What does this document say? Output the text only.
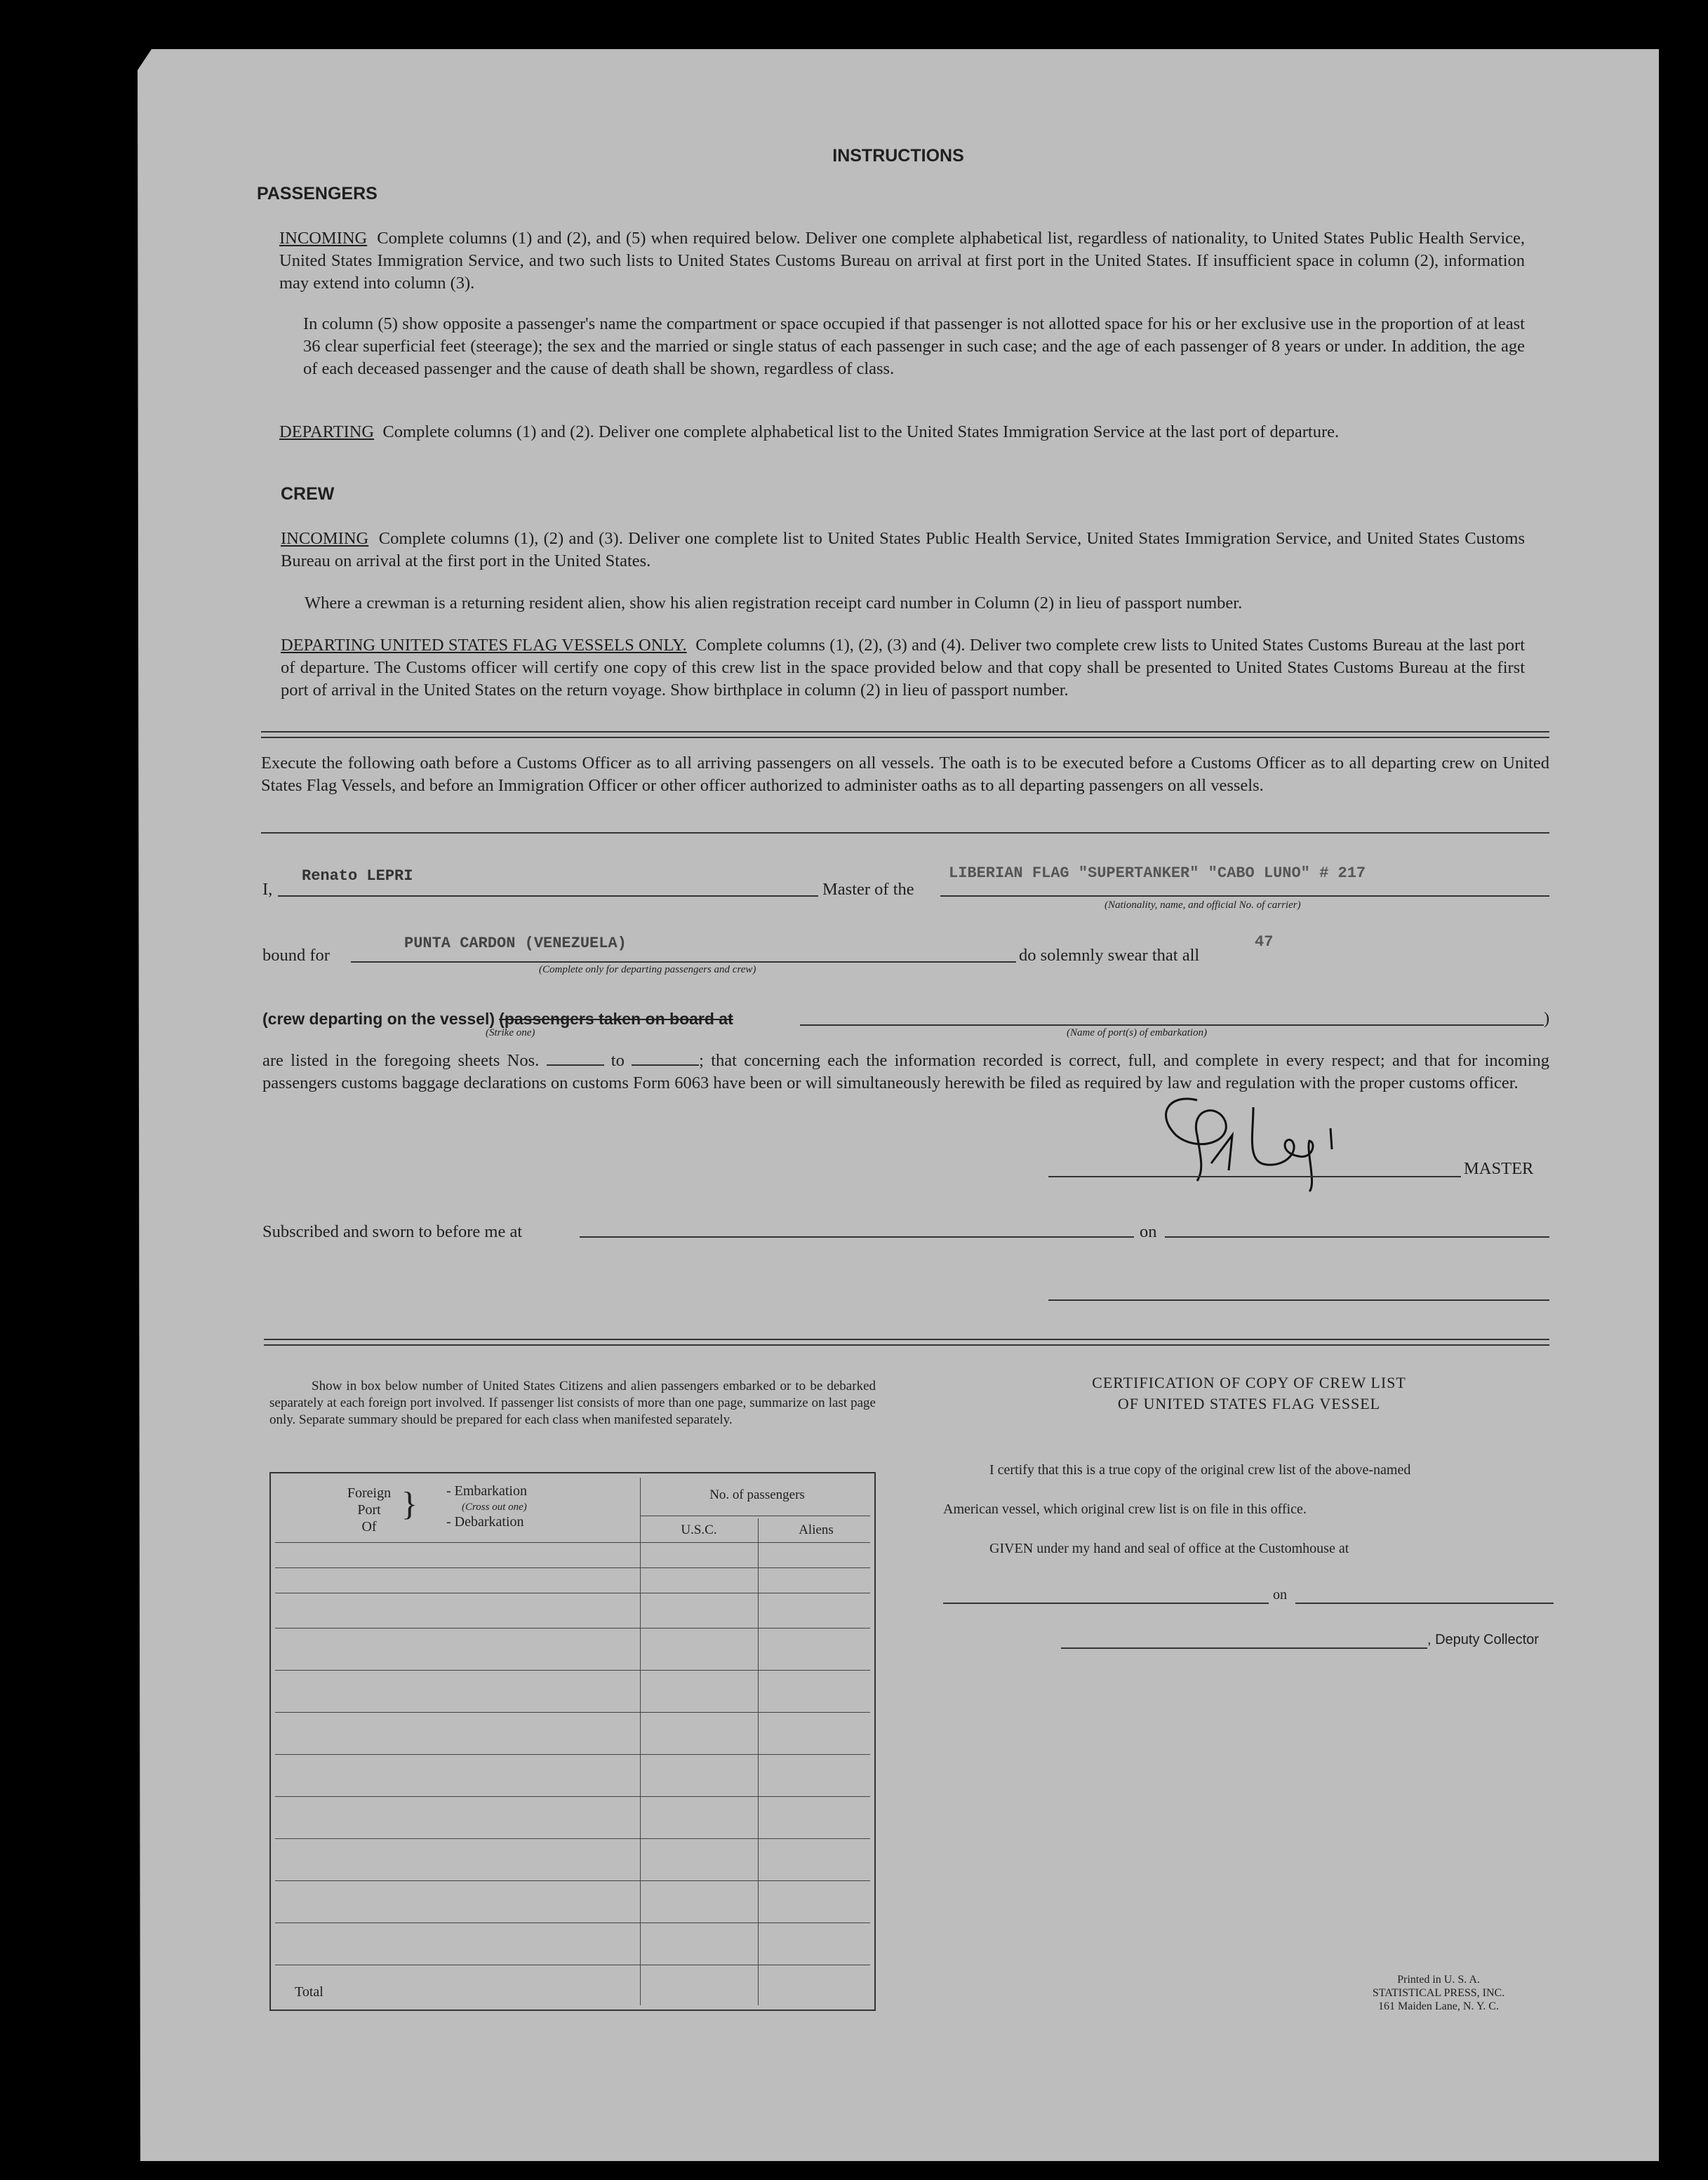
INSTRUCTIONS
PASSENGERS
INCOMING Complete columns (1) and (2), and (5) when required below. Deliver one complete alphabetical list, regardless of nationality, to United States Public Health Service, United States Immigration Service, and two such lists to United States Customs Bureau on arrival at first port in the United States. If insufficient space in column (2), information may extend into column (3).
In column (5) show opposite a passenger's name the compartment or space occupied if that passenger is not allotted space for his or her exclusive use in the proportion of at least 36 clear superficial feet (steerage); the sex and the married or single status of each passenger in such case; and the age of each passenger of 8 years or under. In addition, the age of each deceased passenger and the cause of death shall be shown, regardless of class.
DEPARTING Complete columns (1) and (2). Deliver one complete alphabetical list to the United States Immigration Service at the last port of departure.
CREW
INCOMING Complete columns (1), (2) and (3). Deliver one complete list to United States Public Health Service, United States Immigration Service, and United States Customs Bureau on arrival at the first port in the United States.
Where a crewman is a returning resident alien, show his alien registration receipt card number in Column (2) in lieu of passport number.
DEPARTING UNITED STATES FLAG VESSELS ONLY. Complete columns (1), (2), (3) and (4). Deliver two complete crew lists to United States Customs Bureau at the last port of departure. The Customs officer will certify one copy of this crew list in the space provided below and that copy shall be presented to United States Customs Bureau at the first port of arrival in the United States on the return voyage. Show birthplace in column (2) in lieu of passport number.
Execute the following oath before a Customs Officer as to all arriving passengers on all vessels. The oath is to be executed before a Customs Officer as to all departing crew on United States Flag Vessels, and before an Immigration Officer or other officer authorized to administer oaths as to all departing passengers on all vessels.
I,
Renato LEPRI
Master of the
LIBERIAN FLAG "SUPERTANKER" "CABO LUNO" # 217
(Nationality, name, and official No. of carrier)
bound for
PUNTA CARDON (VENEZUELA)
(Complete only for departing passengers and crew)
do solemnly swear that all
47
(crew departing on the vessel) (passengers taken on board at	)
(Strike one)	(Name of port(s) of embarkation)
are listed in the foregoing sheets Nos.	to	; that concerning each the information recorded is correct, full, and complete in every respect; and that for incoming passengers customs baggage declarations on customs Form 6063 have been or will simultaneously herewith be filed as required by law and regulation with the proper customs officer.
MASTER
Subscribed and sworn to before me at	on
Show in box below number of United States Citizens and alien passengers embarked or to be debarked separately at each foreign port involved. If passenger list consists of more than one page, summarize on last page only. Separate summary should be prepared for each class when manifested separately.
Foreign
Port
Of
} - Embarkation
(Cross out one)
- Debarkation
No. of passengers
U.S.C.	Aliens
Total
CERTIFICATION OF COPY OF CREW LIST
OF UNITED STATES FLAG VESSEL
I certify that this is a true copy of the original crew list of the above-named
American vessel, which original crew list is on file in this office.
GIVEN under my hand and seal of office at the Customhouse at
on
, Deputy Collector
Printed in U. S. A.
STATISTICAL PRESS, INC.
161 Maiden Lane, N. Y. C.
